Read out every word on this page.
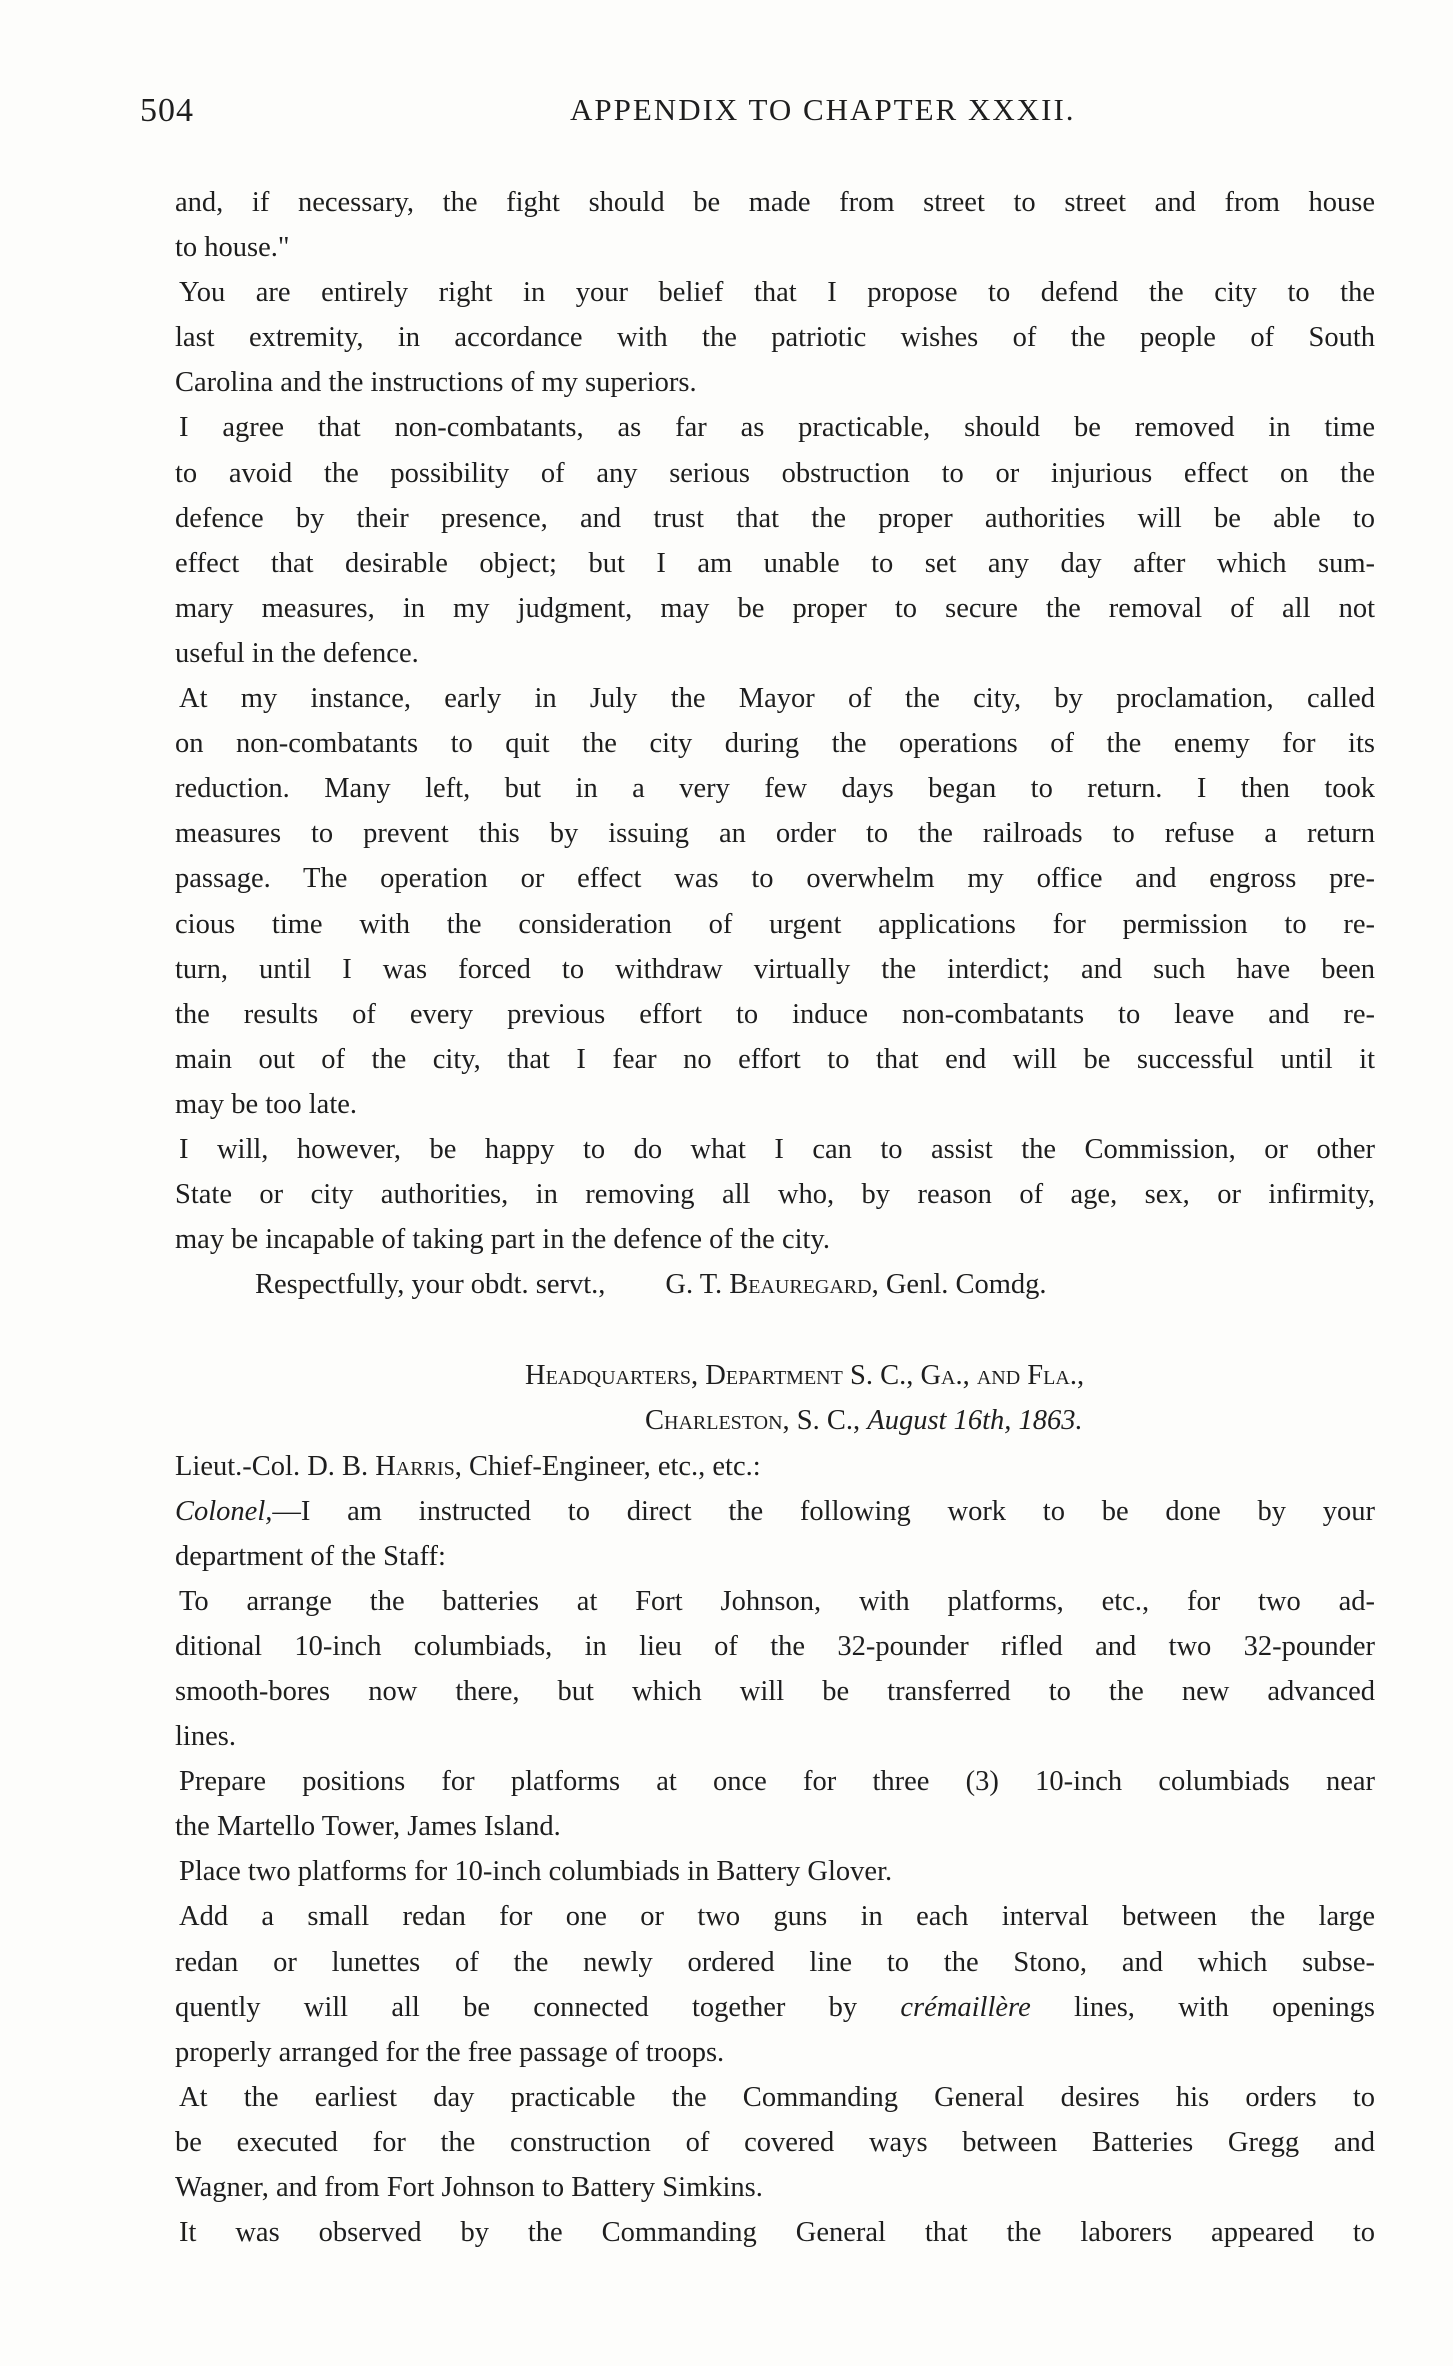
504	APPENDIX TO CHAPTER XXXII.

and, if necessary, the fight should be made from street to street and from house

to house."

You are entirely right in your belief that I propose to defend the city to the

last extremity, in accordance with the patriotic wishes of the people of South

Carolina and the instructions of my superiors.

I agree that non-combatants, as far as practicable, should be removed in time

to avoid the possibility of any serious obstruction to or injurious effect on the

defence by their presence, and trust that the proper authorities will be able to

effect that desirable object; but I am unable to set any day after which sum-

mary measures, in my judgment, may be proper to secure the removal of all not

useful in the defence.

At my instance, early in July the Mayor of the city, by proclamation, called

on non-combatants to quit the city during the operations of the enemy for its

reduction. Many left, but in a very few days began to return. I then took

measures to prevent this by issuing an order to the railroads to refuse a return

passage. The operation or effect was to overwhelm my office and engross pre-

cious time with the consideration of urgent applications for permission to re-

turn, until I was forced to withdraw virtually the interdict; and such have been

the results of every previous effort to induce non-combatants to leave and re-

main out of the city, that I fear no effort to that end will be successful until it

may be too late.

I will, however, be happy to do what I can to assist the Commission, or other

State or city authorities, in removing all who, by reason of age, sex, or infirmity,

may be incapable of taking part in the defence of the city.

Respectfully, your obdt. servt., G. T. Beauregard, Genl. Comdg.

Headquarters, Department S. C., Ga., and Fla.,

Charleston, S. C., August 16th, 1863.

Lieut.-Col. D. B. Harris, Chief-Engineer, etc., etc.:

Colonel,—I am instructed to direct the following work to be done by your

department of the Staff:

To arrange the batteries at Fort Johnson, with platforms, etc., for two ad-

ditional 10-inch columbiads, in lieu of the 32-pounder rifled and two 32-pounder

smooth-bores now there, but which will be transferred to the new advanced

lines.

Prepare positions for platforms at once for three (3) 10-inch columbiads near

the Martello Tower, James Island.

Place two platforms for 10-inch columbiads in Battery Glover.

Add a small redan for one or two guns in each interval between the large

redan or lunettes of the newly ordered line to the Stono, and which subse-

quently will all be connected together by crémaillère lines, with openings

properly arranged for the free passage of troops.

At the earliest day practicable the Commanding General desires his orders to

be executed for the construction of covered ways between Batteries Gregg and

Wagner, and from Fort Johnson to Battery Simkins.

It was observed by the Commanding General that the laborers appeared to
